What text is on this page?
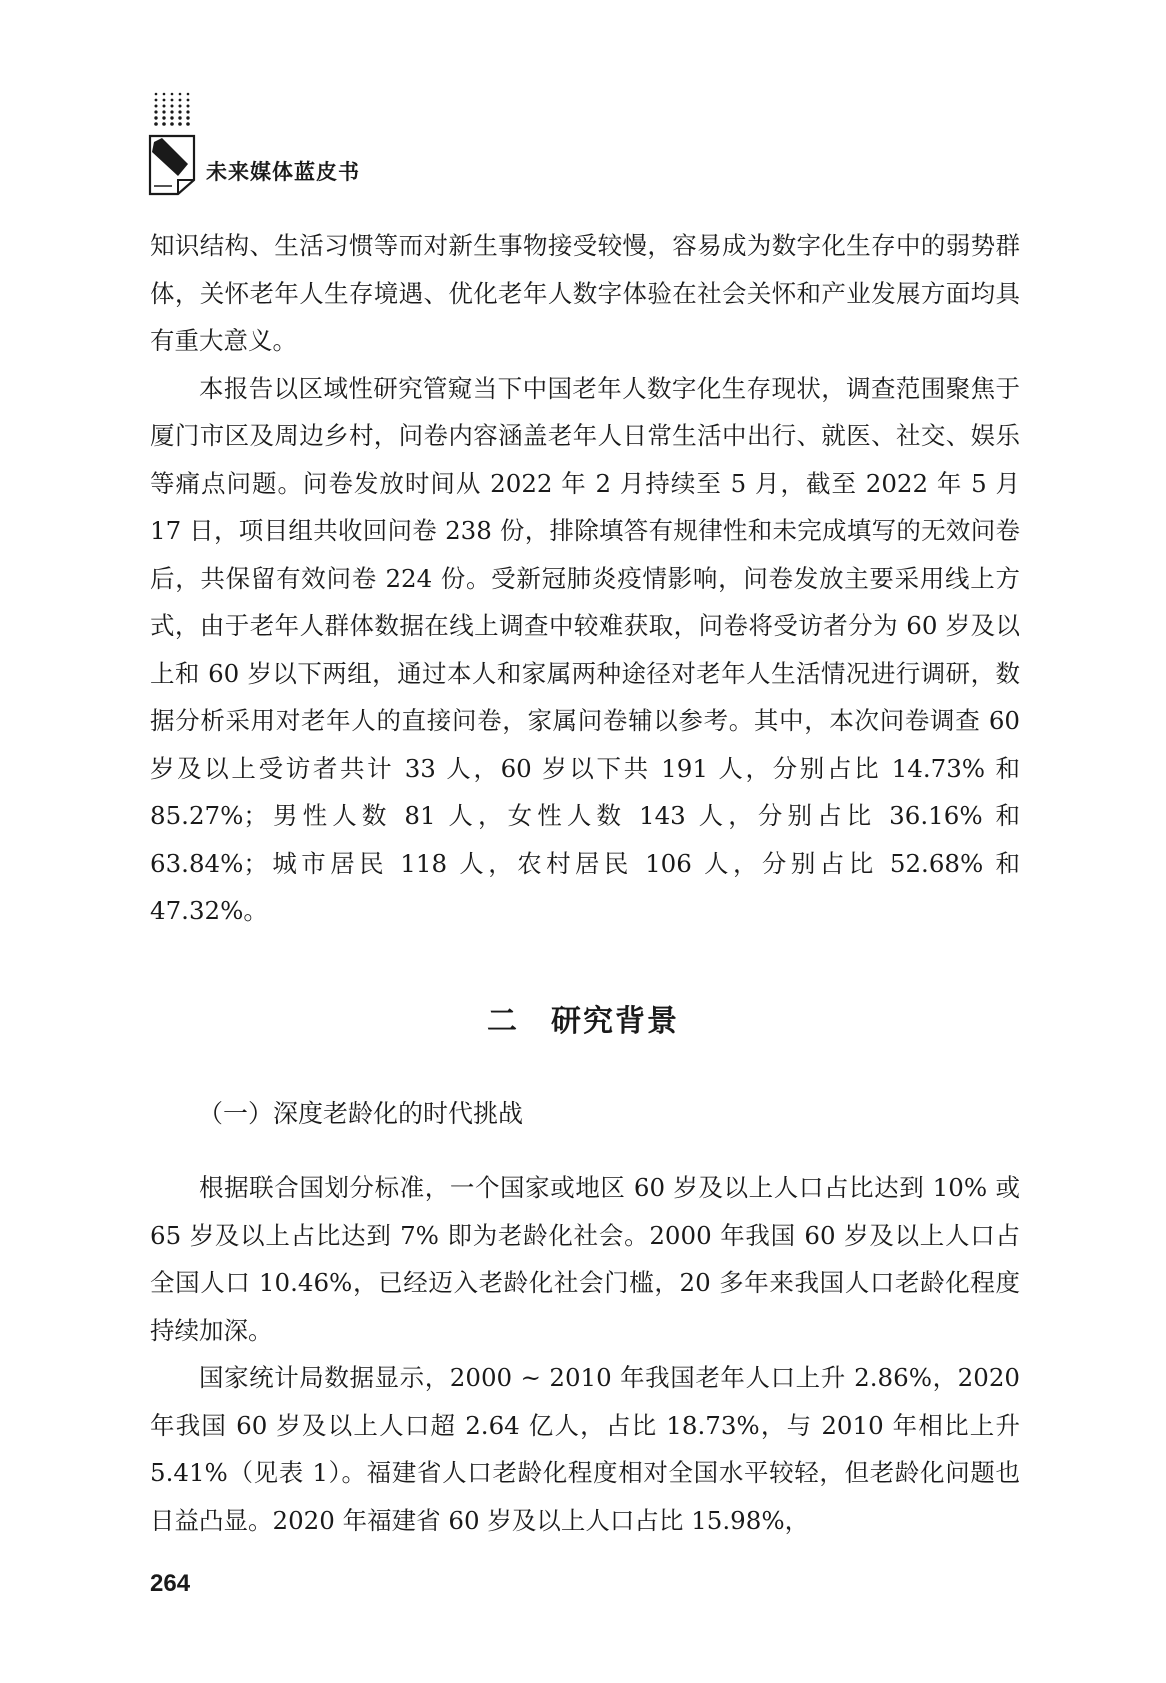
未来媒体蓝皮书

知识结构、生活习惯等而对新生事物接受较慢，容易成为数字化生存中的弱势群体，关怀老年人生存境遇、优化老年人数字体验在社会关怀和产业发展方面均具有重大意义。

本报告以区域性研究管窥当下中国老年人数字化生存现状，调查范围聚焦于厦门市区及周边乡村，问卷内容涵盖老年人日常生活中出行、就医、社交、娱乐等痛点问题。问卷发放时间从 2022 年 2 月持续至 5 月，截至 2022 年 5 月 17 日，项目组共收回问卷 238 份，排除填答有规律性和未完成填写的无效问卷后，共保留有效问卷 224 份。受新冠肺炎疫情影响，问卷发放主要采用线上方式，由于老年人群体数据在线上调查中较难获取，问卷将受访者分为 60 岁及以上和 60 岁以下两组，通过本人和家属两种途径对老年人生活情况进行调研，数据分析采用对老年人的直接问卷，家属问卷辅以参考。其中，本次问卷调查 60 岁及以上受访者共计 33 人，60 岁以下共 191 人，分别占比 14.73% 和 85.27%；男性人数 81 人，女性人数 143 人，分别占比 36.16% 和 63.84%；城市居民 118 人，农村居民 106 人，分别占比 52.68% 和 47.32%。

二　研究背景
（一）深度老龄化的时代挑战

根据联合国划分标准，一个国家或地区 60 岁及以上人口占比达到 10% 或 65 岁及以上占比达到 7% 即为老龄化社会。2000 年我国 60 岁及以上人口占全国人口 10.46%，已经迈入老龄化社会门槛，20 多年来我国人口老龄化程度持续加深。

国家统计局数据显示，2000 ~ 2010 年我国老年人口上升 2.86%，2020 年我国 60 岁及以上人口超 2.64 亿人，占比 18.73%，与 2010 年相比上升 5.41%（见表 1）。福建省人口老龄化程度相对全国水平较轻，但老龄化问题也日益凸显。2020 年福建省 60 岁及以上人口占比 15.98%，

264
